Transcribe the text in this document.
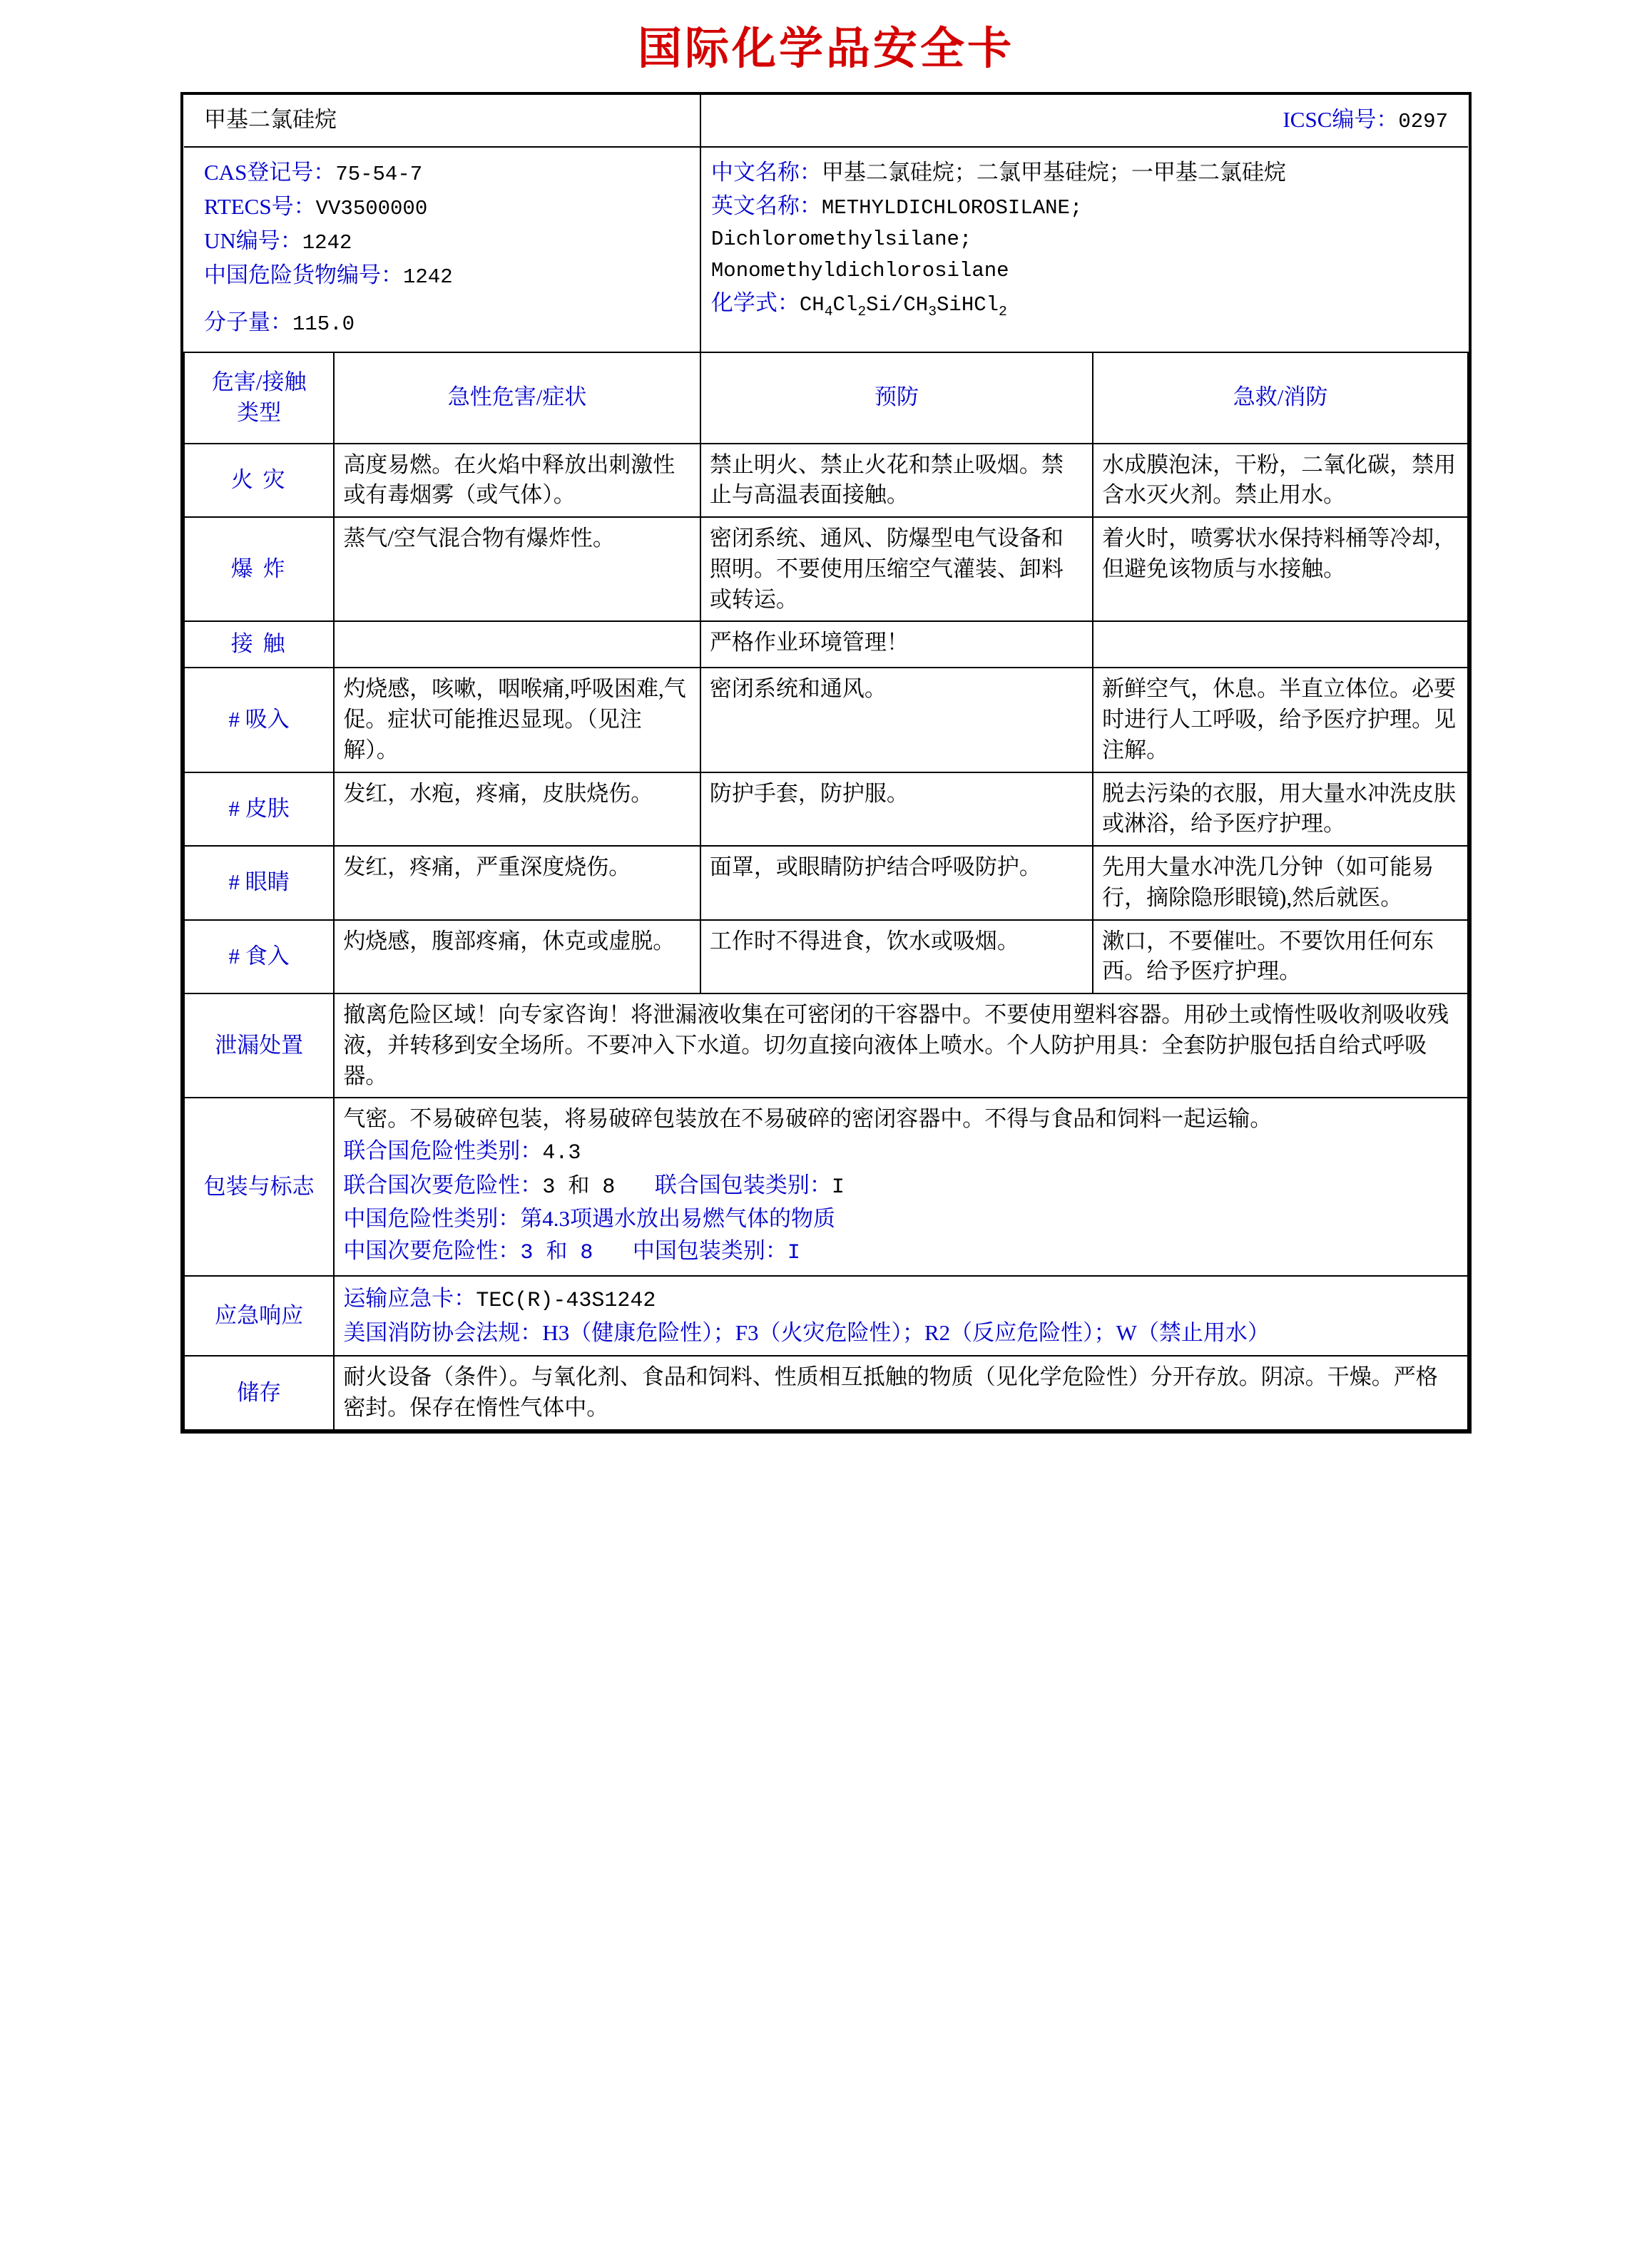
国际化学品安全卡
甲基二氯硅烷		ICSC编号：0297	

CAS登记号：75-54-7
RTECS号：VV3500000
UN编号：1242
中国危险货物编号：1242
分子量：115.0

中文名称：甲基二氯硅烷；二氯甲基硅烷；一甲基二氯硅烷
英文名称：METHYLDICHLOROSILANE;
Dichloromethylsilane;
Monomethyldichlorosilane
化学式：$CH_4Cl_2Si/CH_3SiHCl_2$

危害/接触
类型	急性危害/症状	预防	急救/消防
火 灾	高度易燃。在火焰中释放出刺激性或有毒烟雾（或气体）。	禁止明火、禁止火花和禁止吸烟。禁止与高温表面接触。	水成膜泡沫，干粉，二氧化碳，禁用含水灭火剂。禁止用水。
爆 炸	蒸气/空气混合物有爆炸性。	密闭系统、通风、防爆型电气设备和照明。不要使用压缩空气灌装、卸料或转运。	着火时，喷雾状水保持料桶等冷却，但避免该物质与水接触。
接 触		严格作业环境管理！	
# 吸入	灼烧感，咳嗽，咽喉痛,呼吸困难,气促。症状可能推迟显现。（见注解）。	密闭系统和通风。	新鲜空气，休息。半直立体位。必要时进行人工呼吸，给予医疗护理。见注解。
# 皮肤	发红，水疱，疼痛，皮肤烧伤。	防护手套，防护服。	脱去污染的衣服，用大量水冲洗皮肤或淋浴，给予医疗护理。
# 眼睛	发红，疼痛，严重深度烧伤。	面罩，或眼睛防护结合呼吸防护。	先用大量水冲洗几分钟（如可能易行，摘除隐形眼镜),然后就医。
# 食入	灼烧感，腹部疼痛，休克或虚脱。	工作时不得进食，饮水或吸烟。	漱口，不要催吐。不要饮用任何东西。给予医疗护理。
泄漏处置	撤离危险区域！向专家咨询！将泄漏液收集在可密闭的干容器中。不要使用塑料容器。用砂土或惰性吸收剂吸收残液，并转移到安全场所。不要冲入下水道。切勿直接向液体上喷水。个人防护用具：全套防护服包括自给式呼吸器。		
包装与标志	气密。不易破碎包装，将易破碎包装放在不易破碎的密闭容器中。不得与食品和饲料一起运输。
联合国危险性类别：4.3
联合国次要危险性：3 和 8 联合国包装类别：I
中国危险性类别：第4.3项遇水放出易燃气体的物质
中国次要危险性：3 和 8 中国包装类别：I		

应急响应	运输应急卡：TEC(R)-43S1242
美国消防协会法规：H3（健康危险性）；F3（火灾危险性）；R2（反应危险性）；W（禁止用水）		

储存	耐火设备（条件）。与氧化剂、食品和饲料、性质相互抵触的物质（见化学危险性）分开存放。阴凉。干燥。严格密封。保存在惰性气体中。		
